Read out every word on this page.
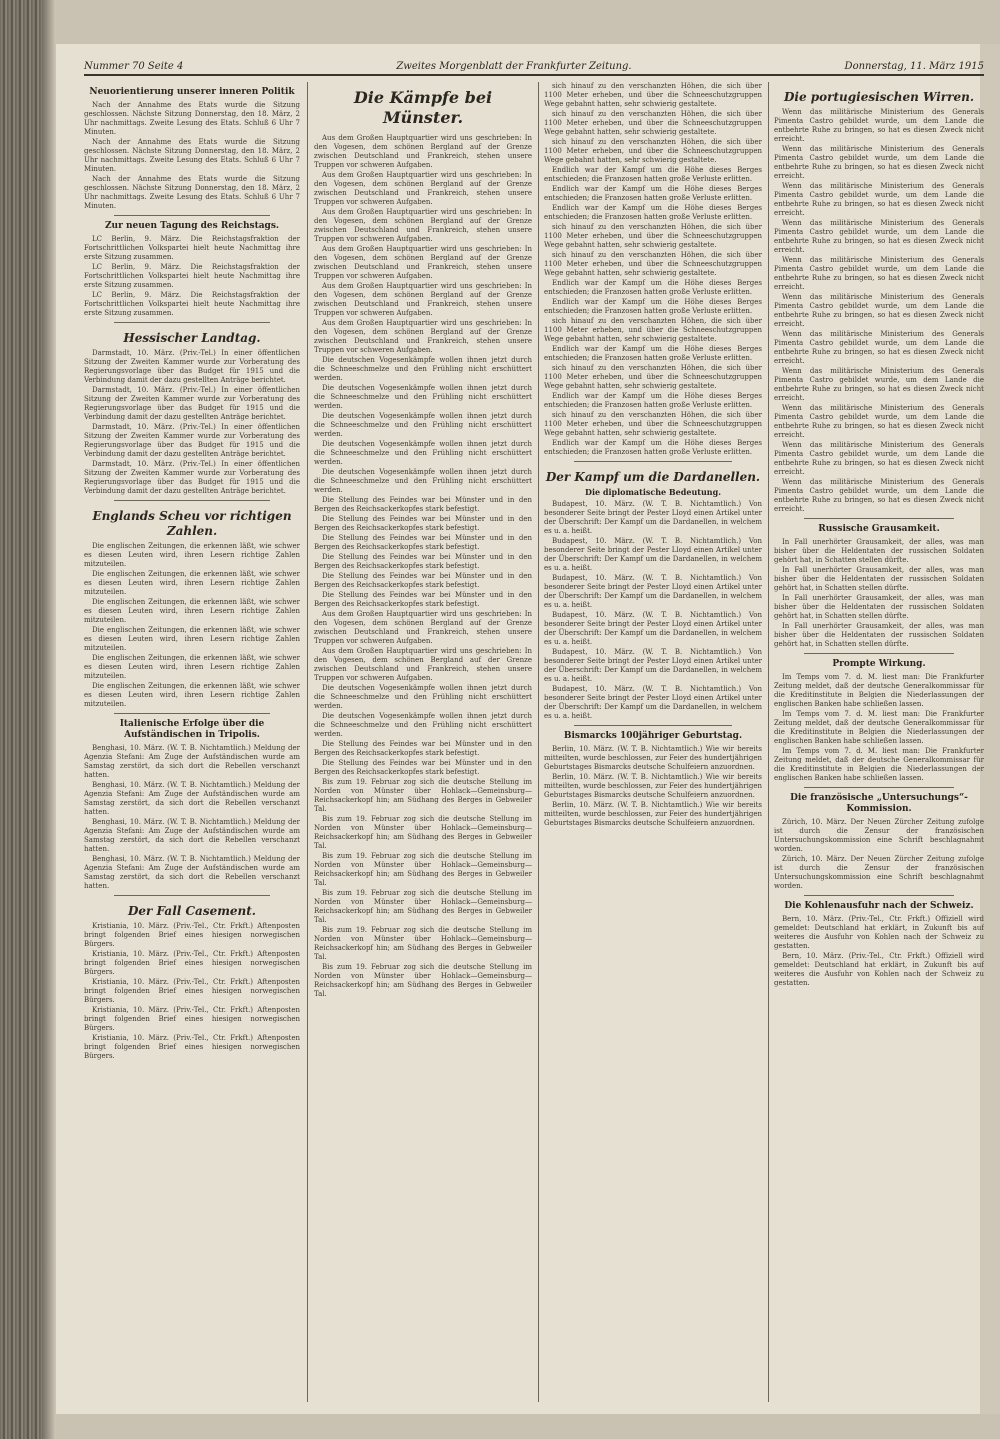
Nummer 70 Seite 4	Zweites Morgenblatt der Frankfurter Zeitung.	Donnerstag, 11. März 1915
Neuorientierung unserer inneren Politik

Nach der Annahme des Etats wurde die Sitzung geschlossen. Nächste Sitzung Donnerstag, den 18. März, 2 Uhr nachmittags. Zweite Lesung des Etats. Schluß 6 Uhr 7 Minuten.

Nach der Annahme des Etats wurde die Sitzung geschlossen. Nächste Sitzung Donnerstag, den 18. März, 2 Uhr nachmittags. Zweite Lesung des Etats. Schluß 6 Uhr 7 Minuten.

Nach der Annahme des Etats wurde die Sitzung geschlossen. Nächste Sitzung Donnerstag, den 18. März, 2 Uhr nachmittags. Zweite Lesung des Etats. Schluß 6 Uhr 7 Minuten.

Zur neuen Tagung des Reichstags.

LC Berlin, 9. März. Die Reichstagsfraktion der Fortschrittlichen Volkspartei hielt heute Nachmittag ihre erste Sitzung zusammen.

LC Berlin, 9. März. Die Reichstagsfraktion der Fortschrittlichen Volkspartei hielt heute Nachmittag ihre erste Sitzung zusammen.

LC Berlin, 9. März. Die Reichstagsfraktion der Fortschrittlichen Volkspartei hielt heute Nachmittag ihre erste Sitzung zusammen.

Hessischer Landtag.

Darmstadt, 10. März. (Priv.-Tel.) In einer öffentlichen Sitzung der Zweiten Kammer wurde zur Vorberatung des Regierungsvorlage über das Budget für 1915 und die Verbindung damit der dazu gestellten Anträge berichtet.

Darmstadt, 10. März. (Priv.-Tel.) In einer öffentlichen Sitzung der Zweiten Kammer wurde zur Vorberatung des Regierungsvorlage über das Budget für 1915 und die Verbindung damit der dazu gestellten Anträge berichtet.

Darmstadt, 10. März. (Priv.-Tel.) In einer öffentlichen Sitzung der Zweiten Kammer wurde zur Vorberatung des Regierungsvorlage über das Budget für 1915 und die Verbindung damit der dazu gestellten Anträge berichtet.

Darmstadt, 10. März. (Priv.-Tel.) In einer öffentlichen Sitzung der Zweiten Kammer wurde zur Vorberatung des Regierungsvorlage über das Budget für 1915 und die Verbindung damit der dazu gestellten Anträge berichtet.

Englands Scheu vor richtigen Zahlen.

Die englischen Zeitungen, die erkennen läßt, wie schwer es diesen Leuten wird, ihren Lesern richtige Zahlen mitzuteilen.

Die englischen Zeitungen, die erkennen läßt, wie schwer es diesen Leuten wird, ihren Lesern richtige Zahlen mitzuteilen.

Die englischen Zeitungen, die erkennen läßt, wie schwer es diesen Leuten wird, ihren Lesern richtige Zahlen mitzuteilen.

Die englischen Zeitungen, die erkennen läßt, wie schwer es diesen Leuten wird, ihren Lesern richtige Zahlen mitzuteilen.

Die englischen Zeitungen, die erkennen läßt, wie schwer es diesen Leuten wird, ihren Lesern richtige Zahlen mitzuteilen.

Die englischen Zeitungen, die erkennen läßt, wie schwer es diesen Leuten wird, ihren Lesern richtige Zahlen mitzuteilen.

Italienische Erfolge über die Aufständischen in Tripolis.

Benghasi, 10. März. (W. T. B. Nichtamtlich.) Meldung der Agenzia Stefani: Am Zuge der Aufständischen wurde am Samstag zerstört, da sich dort die Rebellen verschanzt hatten.

Benghasi, 10. März. (W. T. B. Nichtamtlich.) Meldung der Agenzia Stefani: Am Zuge der Aufständischen wurde am Samstag zerstört, da sich dort die Rebellen verschanzt hatten.

Benghasi, 10. März. (W. T. B. Nichtamtlich.) Meldung der Agenzia Stefani: Am Zuge der Aufständischen wurde am Samstag zerstört, da sich dort die Rebellen verschanzt hatten.

Benghasi, 10. März. (W. T. B. Nichtamtlich.) Meldung der Agenzia Stefani: Am Zuge der Aufständischen wurde am Samstag zerstört, da sich dort die Rebellen verschanzt hatten.

Der Fall Casement.

Kristiania, 10. März. (Priv.-Tel., Ctr. Frkft.) Aftenposten bringt folgenden Brief eines hiesigen norwegischen Bürgers.

Kristiania, 10. März. (Priv.-Tel., Ctr. Frkft.) Aftenposten bringt folgenden Brief eines hiesigen norwegischen Bürgers.

Kristiania, 10. März. (Priv.-Tel., Ctr. Frkft.) Aftenposten bringt folgenden Brief eines hiesigen norwegischen Bürgers.

Kristiania, 10. März. (Priv.-Tel., Ctr. Frkft.) Aftenposten bringt folgenden Brief eines hiesigen norwegischen Bürgers.

Kristiania, 10. März. (Priv.-Tel., Ctr. Frkft.) Aftenposten bringt folgenden Brief eines hiesigen norwegischen Bürgers.

Die Kämpfe bei Münster.

Aus dem Großen Hauptquartier wird uns geschrieben: In den Vogesen, dem schönen Bergland auf der Grenze zwischen Deutschland und Frankreich, stehen unsere Truppen vor schweren Aufgaben.

Aus dem Großen Hauptquartier wird uns geschrieben: In den Vogesen, dem schönen Bergland auf der Grenze zwischen Deutschland und Frankreich, stehen unsere Truppen vor schweren Aufgaben.

Aus dem Großen Hauptquartier wird uns geschrieben: In den Vogesen, dem schönen Bergland auf der Grenze zwischen Deutschland und Frankreich, stehen unsere Truppen vor schweren Aufgaben.

Aus dem Großen Hauptquartier wird uns geschrieben: In den Vogesen, dem schönen Bergland auf der Grenze zwischen Deutschland und Frankreich, stehen unsere Truppen vor schweren Aufgaben.

Aus dem Großen Hauptquartier wird uns geschrieben: In den Vogesen, dem schönen Bergland auf der Grenze zwischen Deutschland und Frankreich, stehen unsere Truppen vor schweren Aufgaben.

Aus dem Großen Hauptquartier wird uns geschrieben: In den Vogesen, dem schönen Bergland auf der Grenze zwischen Deutschland und Frankreich, stehen unsere Truppen vor schweren Aufgaben.

Die deutschen Vogesenkämpfe wollen ihnen jetzt durch die Schneeschmelze und den Frühling nicht erschüttert werden.

Die deutschen Vogesenkämpfe wollen ihnen jetzt durch die Schneeschmelze und den Frühling nicht erschüttert werden.

Die deutschen Vogesenkämpfe wollen ihnen jetzt durch die Schneeschmelze und den Frühling nicht erschüttert werden.

Die deutschen Vogesenkämpfe wollen ihnen jetzt durch die Schneeschmelze und den Frühling nicht erschüttert werden.

Die deutschen Vogesenkämpfe wollen ihnen jetzt durch die Schneeschmelze und den Frühling nicht erschüttert werden.

Die Stellung des Feindes war bei Münster und in den Bergen des Reichsackerkopfes stark befestigt.

Die Stellung des Feindes war bei Münster und in den Bergen des Reichsackerkopfes stark befestigt.

Die Stellung des Feindes war bei Münster und in den Bergen des Reichsackerkopfes stark befestigt.

Die Stellung des Feindes war bei Münster und in den Bergen des Reichsackerkopfes stark befestigt.

Die Stellung des Feindes war bei Münster und in den Bergen des Reichsackerkopfes stark befestigt.

Die Stellung des Feindes war bei Münster und in den Bergen des Reichsackerkopfes stark befestigt.

Aus dem Großen Hauptquartier wird uns geschrieben: In den Vogesen, dem schönen Bergland auf der Grenze zwischen Deutschland und Frankreich, stehen unsere Truppen vor schweren Aufgaben.

Aus dem Großen Hauptquartier wird uns geschrieben: In den Vogesen, dem schönen Bergland auf der Grenze zwischen Deutschland und Frankreich, stehen unsere Truppen vor schweren Aufgaben.

Die deutschen Vogesenkämpfe wollen ihnen jetzt durch die Schneeschmelze und den Frühling nicht erschüttert werden.

Die deutschen Vogesenkämpfe wollen ihnen jetzt durch die Schneeschmelze und den Frühling nicht erschüttert werden.

Die Stellung des Feindes war bei Münster und in den Bergen des Reichsackerkopfes stark befestigt.

Die Stellung des Feindes war bei Münster und in den Bergen des Reichsackerkopfes stark befestigt.

Bis zum 19. Februar zog sich die deutsche Stellung im Norden von Münster über Hohlack—Gemeinsburg—Reichsackerkopf hin; am Südhang des Berges in Gebweiler Tal.

Bis zum 19. Februar zog sich die deutsche Stellung im Norden von Münster über Hohlack—Gemeinsburg—Reichsackerkopf hin; am Südhang des Berges in Gebweiler Tal.

Bis zum 19. Februar zog sich die deutsche Stellung im Norden von Münster über Hohlack—Gemeinsburg—Reichsackerkopf hin; am Südhang des Berges in Gebweiler Tal.

Bis zum 19. Februar zog sich die deutsche Stellung im Norden von Münster über Hohlack—Gemeinsburg—Reichsackerkopf hin; am Südhang des Berges in Gebweiler Tal.

Bis zum 19. Februar zog sich die deutsche Stellung im Norden von Münster über Hohlack—Gemeinsburg—Reichsackerkopf hin; am Südhang des Berges in Gebweiler Tal.

Bis zum 19. Februar zog sich die deutsche Stellung im Norden von Münster über Hohlack—Gemeinsburg—Reichsackerkopf hin; am Südhang des Berges in Gebweiler Tal.

sich hinauf zu den verschanzten Höhen, die sich über 1100 Meter erheben, und über die Schneeschutzgruppen Wege gebahnt hatten, sehr schwierig gestaltete.

sich hinauf zu den verschanzten Höhen, die sich über 1100 Meter erheben, und über die Schneeschutzgruppen Wege gebahnt hatten, sehr schwierig gestaltete.

sich hinauf zu den verschanzten Höhen, die sich über 1100 Meter erheben, und über die Schneeschutzgruppen Wege gebahnt hatten, sehr schwierig gestaltete.

Endlich war der Kampf um die Höhe dieses Berges entschieden; die Franzosen hatten große Verluste erlitten.

Endlich war der Kampf um die Höhe dieses Berges entschieden; die Franzosen hatten große Verluste erlitten.

Endlich war der Kampf um die Höhe dieses Berges entschieden; die Franzosen hatten große Verluste erlitten.

sich hinauf zu den verschanzten Höhen, die sich über 1100 Meter erheben, und über die Schneeschutzgruppen Wege gebahnt hatten, sehr schwierig gestaltete.

sich hinauf zu den verschanzten Höhen, die sich über 1100 Meter erheben, und über die Schneeschutzgruppen Wege gebahnt hatten, sehr schwierig gestaltete.

Endlich war der Kampf um die Höhe dieses Berges entschieden; die Franzosen hatten große Verluste erlitten.

Endlich war der Kampf um die Höhe dieses Berges entschieden; die Franzosen hatten große Verluste erlitten.

sich hinauf zu den verschanzten Höhen, die sich über 1100 Meter erheben, und über die Schneeschutzgruppen Wege gebahnt hatten, sehr schwierig gestaltete.

Endlich war der Kampf um die Höhe dieses Berges entschieden; die Franzosen hatten große Verluste erlitten.

sich hinauf zu den verschanzten Höhen, die sich über 1100 Meter erheben, und über die Schneeschutzgruppen Wege gebahnt hatten, sehr schwierig gestaltete.

Endlich war der Kampf um die Höhe dieses Berges entschieden; die Franzosen hatten große Verluste erlitten.

sich hinauf zu den verschanzten Höhen, die sich über 1100 Meter erheben, und über die Schneeschutzgruppen Wege gebahnt hatten, sehr schwierig gestaltete.

Endlich war der Kampf um die Höhe dieses Berges entschieden; die Franzosen hatten große Verluste erlitten.

Der Kampf um die Dardanellen.
Die diplomatische Bedeutung.

Budapest, 10. März. (W. T. B. Nichtamtlich.) Von besonderer Seite bringt der Pester Lloyd einen Artikel unter der Überschrift: Der Kampf um die Dardanellen, in welchem es u. a. heißt.

Budapest, 10. März. (W. T. B. Nichtamtlich.) Von besonderer Seite bringt der Pester Lloyd einen Artikel unter der Überschrift: Der Kampf um die Dardanellen, in welchem es u. a. heißt.

Budapest, 10. März. (W. T. B. Nichtamtlich.) Von besonderer Seite bringt der Pester Lloyd einen Artikel unter der Überschrift: Der Kampf um die Dardanellen, in welchem es u. a. heißt.

Budapest, 10. März. (W. T. B. Nichtamtlich.) Von besonderer Seite bringt der Pester Lloyd einen Artikel unter der Überschrift: Der Kampf um die Dardanellen, in welchem es u. a. heißt.

Budapest, 10. März. (W. T. B. Nichtamtlich.) Von besonderer Seite bringt der Pester Lloyd einen Artikel unter der Überschrift: Der Kampf um die Dardanellen, in welchem es u. a. heißt.

Budapest, 10. März. (W. T. B. Nichtamtlich.) Von besonderer Seite bringt der Pester Lloyd einen Artikel unter der Überschrift: Der Kampf um die Dardanellen, in welchem es u. a. heißt.

Bismarcks 100jähriger Geburtstag.

Berlin, 10. März. (W. T. B. Nichtamtlich.) Wie wir bereits mitteilten, wurde beschlossen, zur Feier des hundertjährigen Geburtstages Bismarcks deutsche Schulfeiern anzuordnen.

Berlin, 10. März. (W. T. B. Nichtamtlich.) Wie wir bereits mitteilten, wurde beschlossen, zur Feier des hundertjährigen Geburtstages Bismarcks deutsche Schulfeiern anzuordnen.

Berlin, 10. März. (W. T. B. Nichtamtlich.) Wie wir bereits mitteilten, wurde beschlossen, zur Feier des hundertjährigen Geburtstages Bismarcks deutsche Schulfeiern anzuordnen.

Die portugiesischen Wirren.

Wenn das militärische Ministerium des Generals Pimenta Castro gebildet wurde, um dem Lande die entbehrte Ruhe zu bringen, so hat es diesen Zweck nicht erreicht.

Wenn das militärische Ministerium des Generals Pimenta Castro gebildet wurde, um dem Lande die entbehrte Ruhe zu bringen, so hat es diesen Zweck nicht erreicht.

Wenn das militärische Ministerium des Generals Pimenta Castro gebildet wurde, um dem Lande die entbehrte Ruhe zu bringen, so hat es diesen Zweck nicht erreicht.

Wenn das militärische Ministerium des Generals Pimenta Castro gebildet wurde, um dem Lande die entbehrte Ruhe zu bringen, so hat es diesen Zweck nicht erreicht.

Wenn das militärische Ministerium des Generals Pimenta Castro gebildet wurde, um dem Lande die entbehrte Ruhe zu bringen, so hat es diesen Zweck nicht erreicht.

Wenn das militärische Ministerium des Generals Pimenta Castro gebildet wurde, um dem Lande die entbehrte Ruhe zu bringen, so hat es diesen Zweck nicht erreicht.

Wenn das militärische Ministerium des Generals Pimenta Castro gebildet wurde, um dem Lande die entbehrte Ruhe zu bringen, so hat es diesen Zweck nicht erreicht.

Wenn das militärische Ministerium des Generals Pimenta Castro gebildet wurde, um dem Lande die entbehrte Ruhe zu bringen, so hat es diesen Zweck nicht erreicht.

Wenn das militärische Ministerium des Generals Pimenta Castro gebildet wurde, um dem Lande die entbehrte Ruhe zu bringen, so hat es diesen Zweck nicht erreicht.

Wenn das militärische Ministerium des Generals Pimenta Castro gebildet wurde, um dem Lande die entbehrte Ruhe zu bringen, so hat es diesen Zweck nicht erreicht.

Wenn das militärische Ministerium des Generals Pimenta Castro gebildet wurde, um dem Lande die entbehrte Ruhe zu bringen, so hat es diesen Zweck nicht erreicht.

Russische Grausamkeit.

In Fall unerhörter Grausamkeit, der alles, was man bisher über die Heldentaten der russischen Soldaten gehört hat, in Schatten stellen dürfte.

In Fall unerhörter Grausamkeit, der alles, was man bisher über die Heldentaten der russischen Soldaten gehört hat, in Schatten stellen dürfte.

In Fall unerhörter Grausamkeit, der alles, was man bisher über die Heldentaten der russischen Soldaten gehört hat, in Schatten stellen dürfte.

In Fall unerhörter Grausamkeit, der alles, was man bisher über die Heldentaten der russischen Soldaten gehört hat, in Schatten stellen dürfte.

Prompte Wirkung.

Im Temps vom 7. d. M. liest man: Die Frankfurter Zeitung meldet, daß der deutsche Generalkommissar für die Kreditinstitute in Belgien die Niederlassungen der englischen Banken habe schließen lassen.

Im Temps vom 7. d. M. liest man: Die Frankfurter Zeitung meldet, daß der deutsche Generalkommissar für die Kreditinstitute in Belgien die Niederlassungen der englischen Banken habe schließen lassen.

Im Temps vom 7. d. M. liest man: Die Frankfurter Zeitung meldet, daß der deutsche Generalkommissar für die Kreditinstitute in Belgien die Niederlassungen der englischen Banken habe schließen lassen.

Die französische „Untersuchungs“-Kommission.

Zürich, 10. März. Der Neuen Zürcher Zeitung zufolge ist durch die Zensur der französischen Untersuchungskommission eine Schrift beschlagnahmt worden.

Zürich, 10. März. Der Neuen Zürcher Zeitung zufolge ist durch die Zensur der französischen Untersuchungskommission eine Schrift beschlagnahmt worden.

Die Kohlenausfuhr nach der Schweiz.

Bern, 10. März. (Priv.-Tel., Ctr. Frkft.) Offiziell wird gemeldet: Deutschland hat erklärt, in Zukunft bis auf weiteres die Ausfuhr von Kohlen nach der Schweiz zu gestatten.

Bern, 10. März. (Priv.-Tel., Ctr. Frkft.) Offiziell wird gemeldet: Deutschland hat erklärt, in Zukunft bis auf weiteres die Ausfuhr von Kohlen nach der Schweiz zu gestatten.
